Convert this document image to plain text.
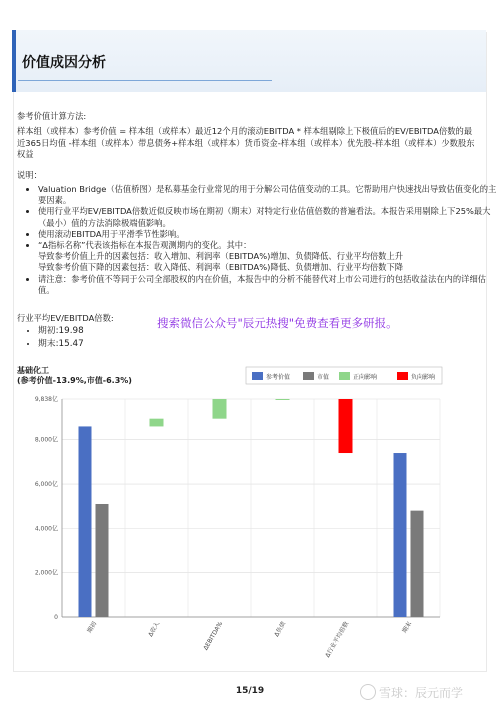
价值成因分析
参考价值计算方法:
样本组（或样本）参考价值 = 样本组（或样本）最近12个月的滚动EBITDA * 样本组剔除上下极值后的EV/EBITDA倍数的最近365日均值 -样本组（或样本）带息债务+样本组（或样本）货币资金-样本组（或样本）优先股-样本组（或样本）少数股东权益
说明：
• Valuation Bridge（估值桥图）是私募基金行业常见的用于分解公司估值变动的工具。它帮助用户快速找出导致估值变化的主要因素。
• 使用行业平均EV/EBITDA倍数近似反映市场在期初（期末）对特定行业估值倍数的普遍看法。本报告采用剔除上下25%最大（最小）值的方法消除极端值影响。
• 使用滚动EBITDA用于平滑季节性影响。
• “Δ指标名称”代表该指标在本报告观测期内的变化。其中：
导致参考价值上升的因素包括：收入增加、利润率（EBITDA%)增加、负债降低、行业平均倍数上升
导致参考价值下降的因素包括：收入降低、利润率（EBITDA%)降低、负债增加、行业平均倍数下降
• 请注意：参考价值不等同于公司全部股权的内在价值，本报告中的分析不能替代对上市公司进行的包括收益法在内的详细估值。
行业平均EV/EBITDA倍数:
• 期初:19.98
• 期末:15.47
搜索微信公众号"辰元热搜"免费查看更多研报。
基础化工
(参考价值-13.9%,市值-6.3%)	参考价值	市值	正向影响	负向影响
0
2,000亿
4,000亿
6,000亿
8,000亿
9,838亿
期初	Δ收入	ΔEBITDA%	Δ负债	Δ行业平均倍数	期末
15/19	雪球：辰元而学
